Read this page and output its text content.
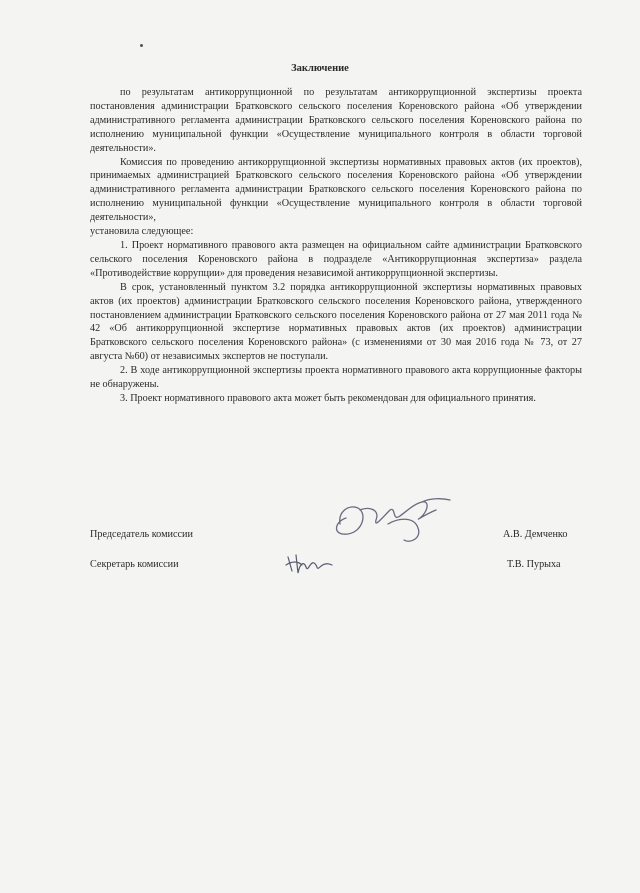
Заключение

по результатам антикоррупционной по результатам антикоррупционной экспертизы проекта постановления администрации Братковского сельского поселения Кореновского района «Об утверждении административного регламента администрации Братковского сельского поселения Кореновского района по исполнению муниципальной функции «Осуществление муниципального контроля в области торговой деятельности».

Комиссия по проведению антикоррупционной экспертизы нормативных правовых актов (их проектов), принимаемых администрацией Братковского сельского поселения Кореновского района «Об утверждении административного регламента администрации Братковского сельского поселения Кореновского района по исполнению муниципальной функции «Осуществление муниципального контроля в области торговой деятельности»,

установила следующее:

1. Проект нормативного правового акта размещен на официальном сайте администрации Братковского сельского поселения Кореновского района в подразделе «Антикоррупционная экспертиза» раздела «Противодействие коррупции» для проведения независимой антикоррупционной экспертизы.

В срок, установленный пунктом 3.2 порядка антикоррупционной экспертизы нормативных правовых актов (их проектов) администрации Братковского сельского поселения Кореновского района, утвержденного постановлением администрации Братковского сельского поселения Кореновского района от 27 мая 2011 года № 42 «Об антикоррупционной экспертизе нормативных правовых актов (их проектов) администрации Братковского сельского поселения Кореновского района» (с изменениями от 30 мая 2016 года № 73, от 27 августа №60) от независимых экспертов не поступали.

2. В ходе антикоррупционной экспертизы проекта нормативного правового акта коррупционные факторы не обнаружены.

3. Проект нормативного правового акта может быть рекомендован для официального принятия.

Председатель комиссии	А.В. Демченко
Секретарь комиссии	Т.В. Пурыха
